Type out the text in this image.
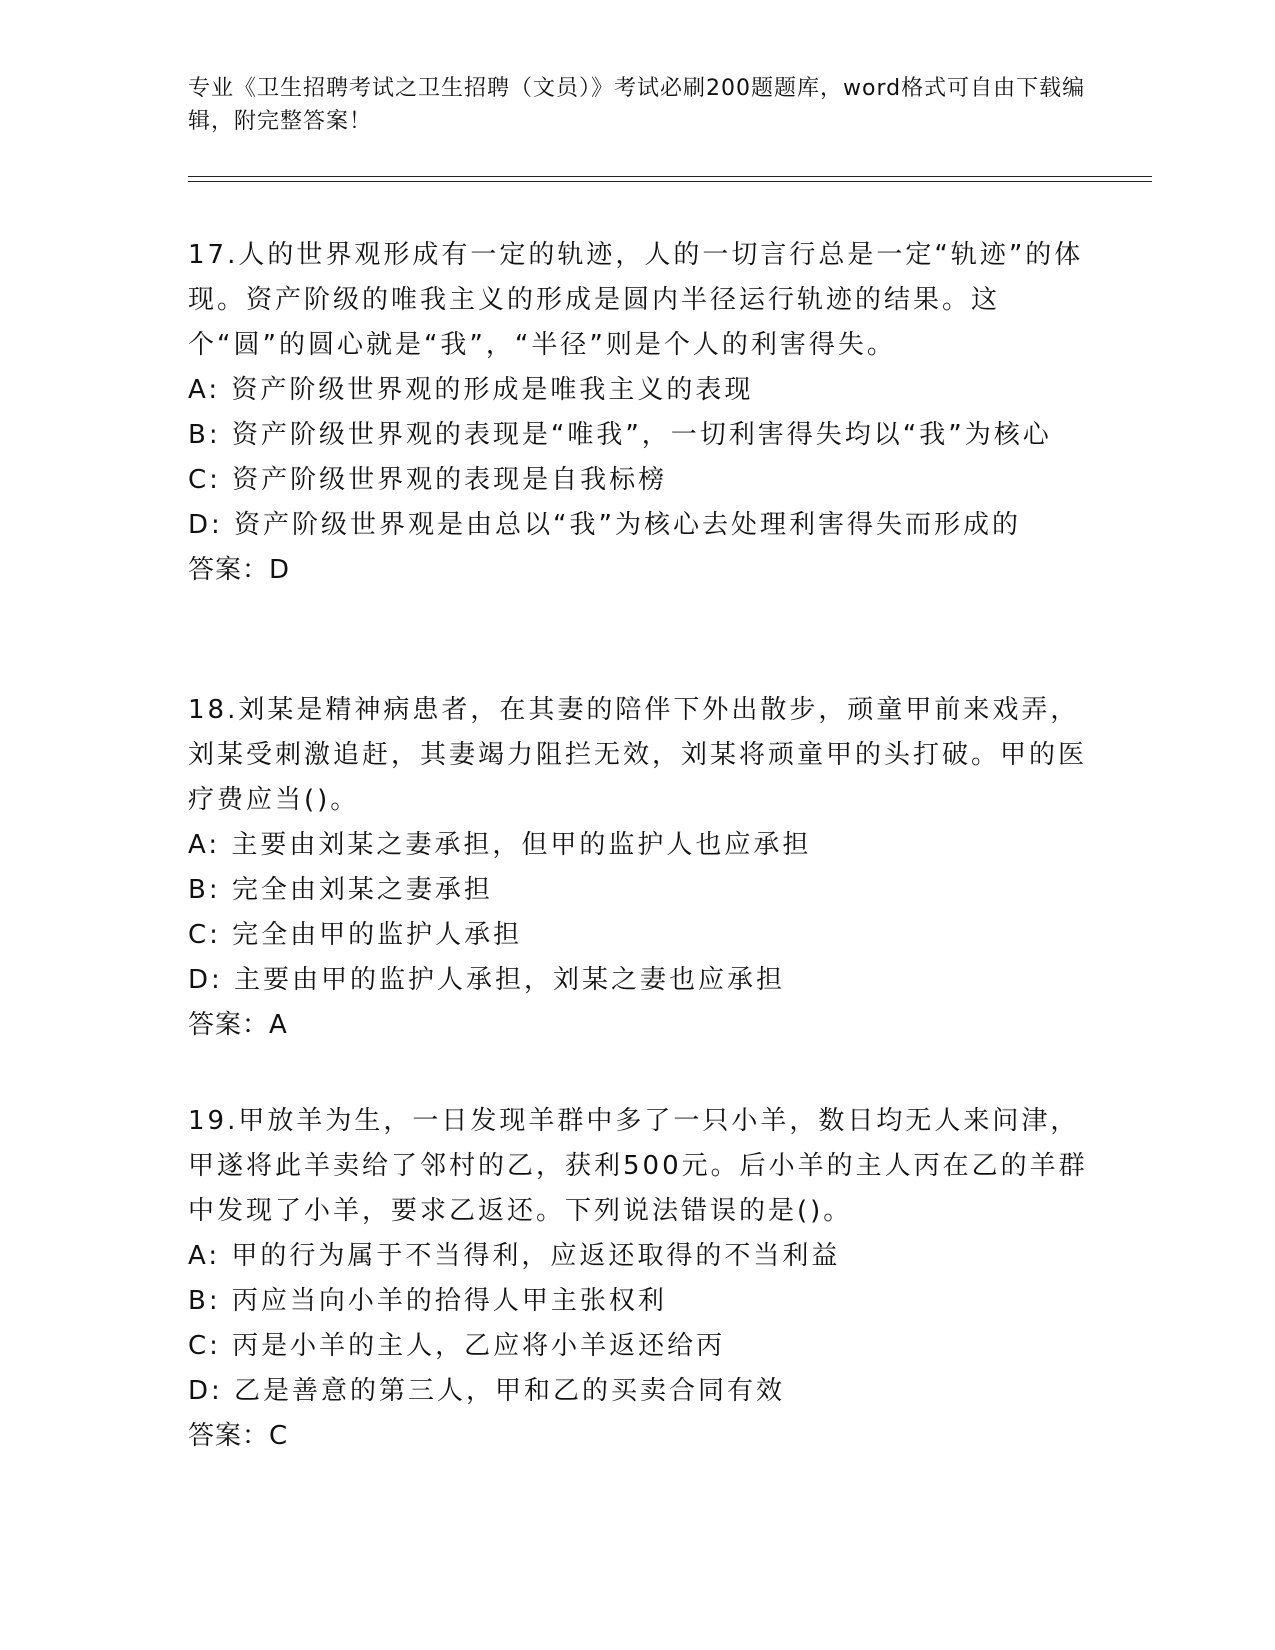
专业《卫生招聘考试之卫生招聘（文员）》考试必刷200题题库，word格式可自由下载编辑，附完整答案！

17.人的世界观形成有一定的轨迹，人的一切言行总是一定“轨迹”的体现。资产阶级的唯我主义的形成是圆内半径运行轨迹的结果。这个“圆”的圆心就是“我”，“半径”则是个人的利害得失。

A: 资产阶级世界观的形成是唯我主义的表现

B: 资产阶级世界观的表现是“唯我”，一切利害得失均以“我”为核心

C: 资产阶级世界观的表现是自我标榜

D: 资产阶级世界观是由总以“我”为核心去处理利害得失而形成的

答案：D

18.刘某是精神病患者，在其妻的陪伴下外出散步，顽童甲前来戏弄，刘某受刺激追赶，其妻竭力阻拦无效，刘某将顽童甲的头打破。甲的医疗费应当()。

A: 主要由刘某之妻承担，但甲的监护人也应承担

B: 完全由刘某之妻承担

C: 完全由甲的监护人承担

D: 主要由甲的监护人承担，刘某之妻也应承担

答案：A

19.甲放羊为生，一日发现羊群中多了一只小羊，数日均无人来问津，甲遂将此羊卖给了邻村的乙，获利500元。后小羊的主人丙在乙的羊群中发现了小羊，要求乙返还。下列说法错误的是()。

A: 甲的行为属于不当得利，应返还取得的不当利益

B: 丙应当向小羊的拾得人甲主张权利

C: 丙是小羊的主人，乙应将小羊返还给丙

D: 乙是善意的第三人，甲和乙的买卖合同有效

答案：C
